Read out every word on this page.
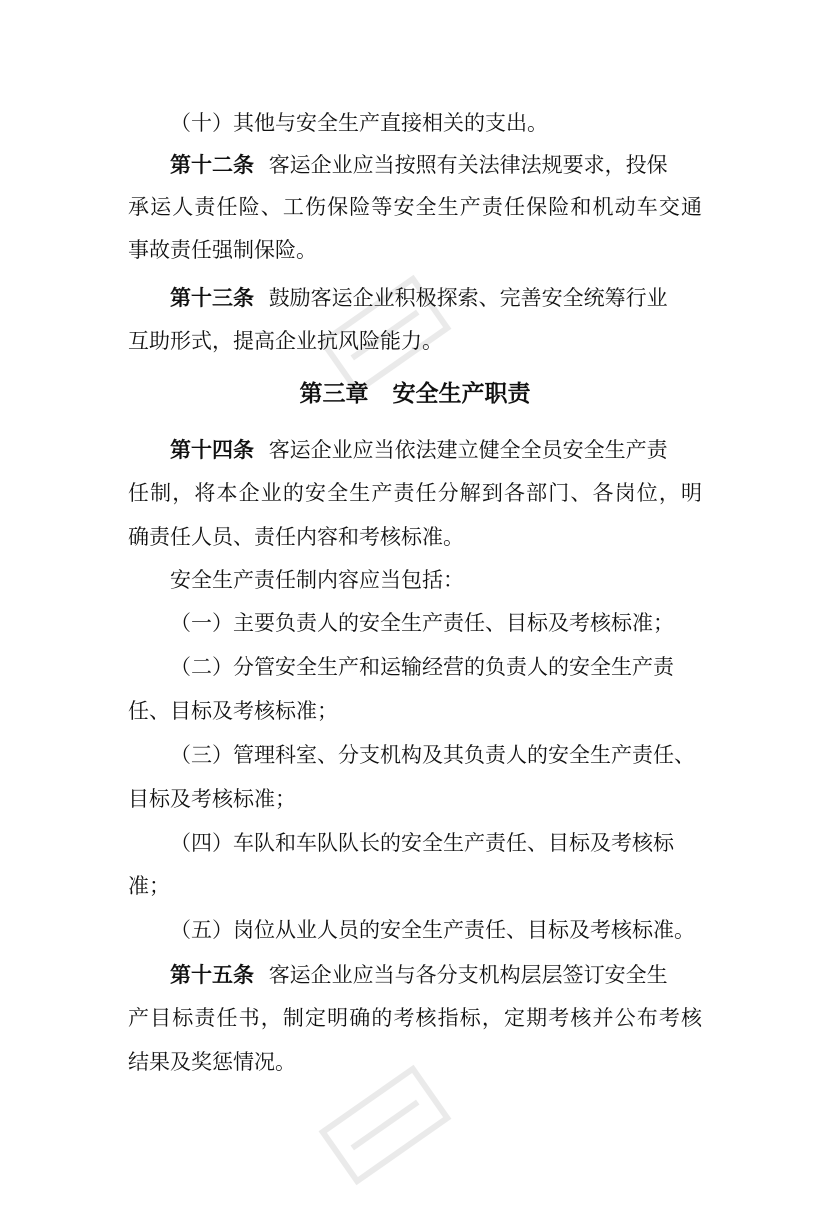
（十）其他与安全生产直接相关的支出。
第十二条 客运企业应当按照有关法律法规要求，投保
承运人责任险、工伤保险等安全生产责任保险和机动车交通
事故责任强制保险。
第十三条 鼓励客运企业积极探索、完善安全统筹行业
互助形式，提高企业抗风险能力。
第三章 安全生产职责
第十四条 客运企业应当依法建立健全全员安全生产责
任制，将本企业的安全生产责任分解到各部门、各岗位，明
确责任人员、责任内容和考核标准。
安全生产责任制内容应当包括：
（一）主要负责人的安全生产责任、目标及考核标准；
（二）分管安全生产和运输经营的负责人的安全生产责
任、目标及考核标准；
（三）管理科室、分支机构及其负责人的安全生产责任、
目标及考核标准；
（四）车队和车队队长的安全生产责任、目标及考核标
准；
（五）岗位从业人员的安全生产责任、目标及考核标准。
第十五条 客运企业应当与各分支机构层层签订安全生
产目标责任书，制定明确的考核指标，定期考核并公布考核
结果及奖惩情况。
